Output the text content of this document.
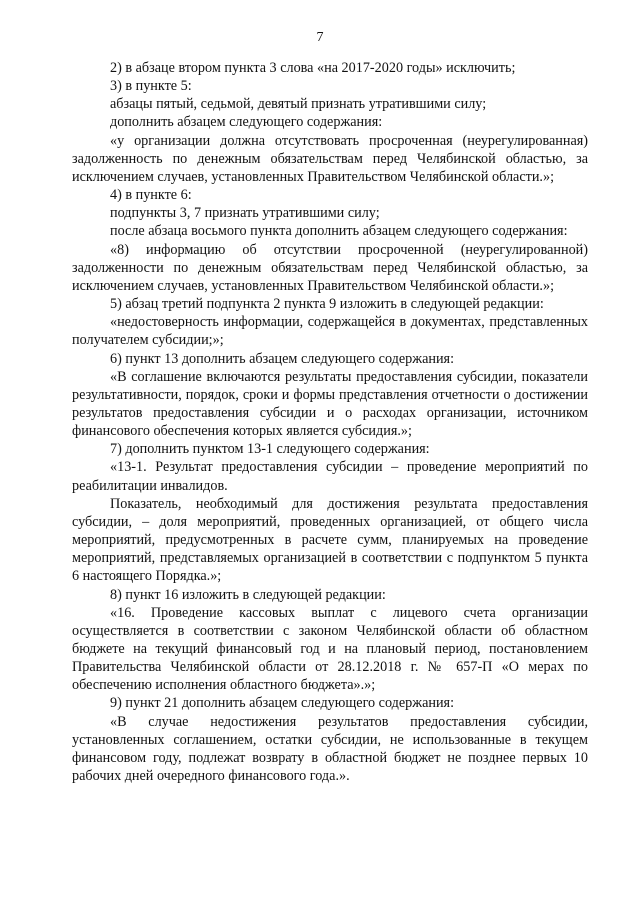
7

2) в абзаце втором пункта 3 слова «на 2017-2020 годы» исключить;

3) в пункте 5:

абзацы пятый, седьмой, девятый признать утратившими силу;

дополнить абзацем следующего содержания:

«у организации должна отсутствовать просроченная (неурегулированная) задолженность по денежным обязательствам перед Челябинской областью, за исключением случаев, установленных Правительством Челябинской области.»;

4) в пункте 6:

подпункты 3, 7 признать утратившими силу;

после абзаца восьмого пункта дополнить абзацем следующего содержания:

«8) информацию об отсутствии просроченной (неурегулированной) задолженности по денежным обязательствам перед Челябинской областью, за исключением случаев, установленных Правительством Челябинской области.»;

5) абзац третий подпункта 2 пункта 9 изложить в следующей редакции:

«недостоверность информации, содержащейся в документах, представленных получателем субсидии;»;

6) пункт 13 дополнить абзацем следующего содержания:

«В соглашение включаются результаты предоставления субсидии, показатели результативности, порядок, сроки и формы представления отчетности о достижении результатов предоставления субсидии и о расходах организации, источником финансового обеспечения которых является субсидия.»;

7) дополнить пунктом 13-1 следующего содержания:

«13-1. Результат предоставления субсидии – проведение мероприятий по реабилитации инвалидов.

Показатель, необходимый для достижения результата предоставления субсидии, – доля мероприятий, проведенных организацией, от общего числа мероприятий, предусмотренных в расчете сумм, планируемых на проведение мероприятий, представляемых организацией в соответствии с подпунктом 5 пункта 6 настоящего Порядка.»;

8) пункт 16 изложить в следующей редакции:

«16. Проведение кассовых выплат с лицевого счета организации осуществляется в соответствии с законом Челябинской области об областном бюджете на текущий финансовый год и на плановый период, постановлением Правительства Челябинской области от 28.12.2018 г. № 657-П «О мерах по обеспечению исполнения областного бюджета».»;

9) пункт 21 дополнить абзацем следующего содержания:

«В случае недостижения результатов предоставления субсидии, установленных соглашением, остатки субсидии, не использованные в текущем финансовом году, подлежат возврату в областной бюджет не позднее первых 10 рабочих дней очередного финансового года.».
